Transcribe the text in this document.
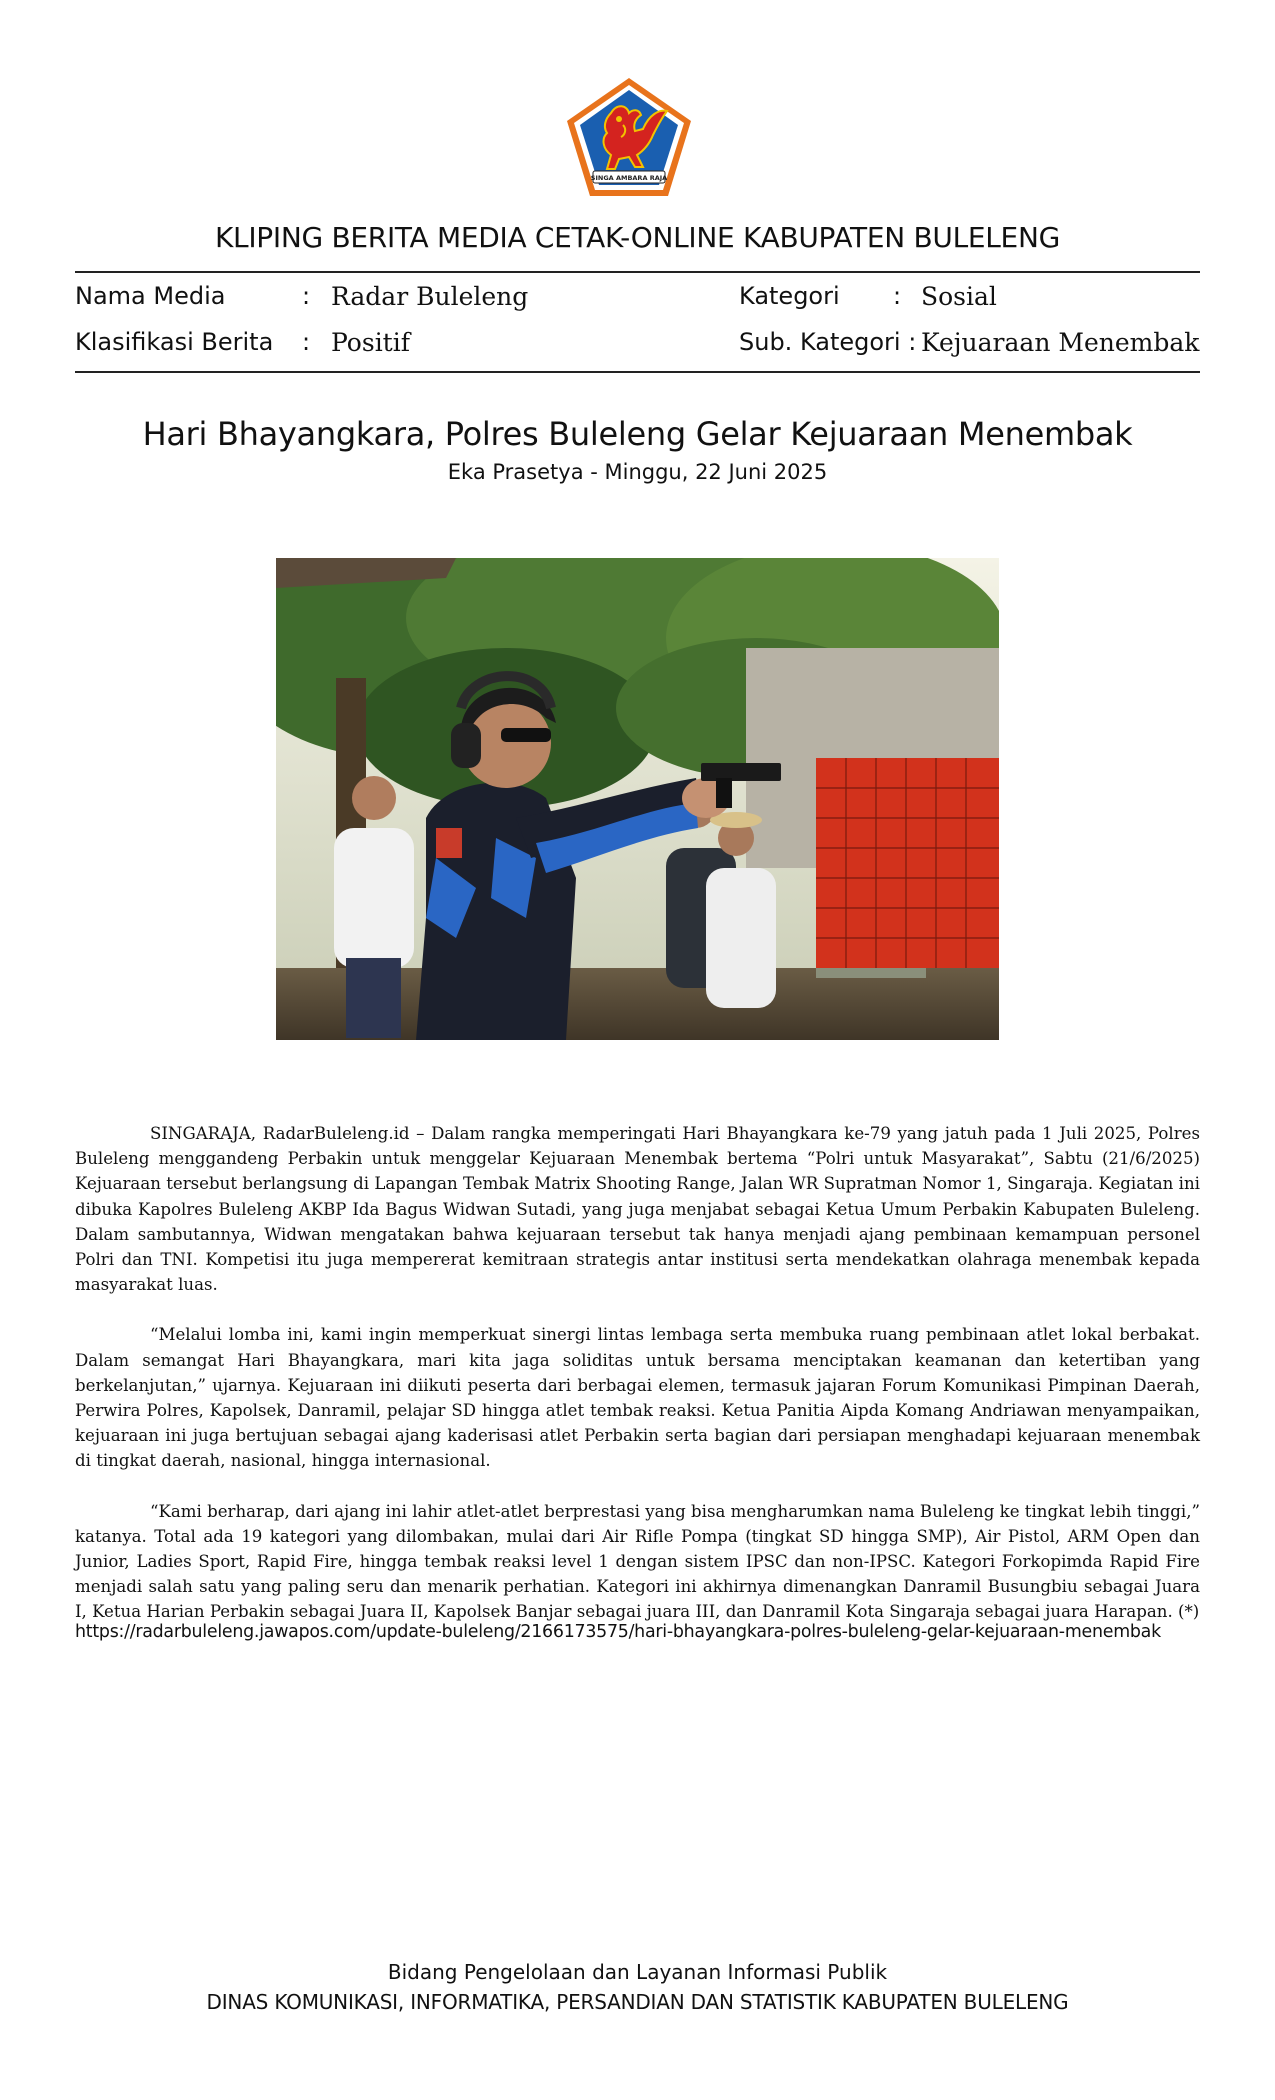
SINGA AMBARA RAJA
KLIPING BERITA MEDIA CETAK-ONLINE KABUPATEN BULELENG
Nama Media	: Radar Buleleng
Klasifikasi Berita : Positif
Kategori : Sosial
Sub. Kategori : Kejuaraan Menembak
Hari Bhayangkara, Polres Buleleng Gelar Kejuaraan Menembak
Eka Prasetya - Minggu, 22 Juni 2025

SINGARAJA, RadarBuleleng.id – Dalam rangka memperingati Hari Bhayangkara ke-79 yang jatuh pada 1 Juli 2025, Polres Buleleng menggandeng Perbakin untuk menggelar Kejuaraan Menembak bertema “Polri untuk Masyarakat”, Sabtu (21/6/2025) Kejuaraan tersebut berlangsung di Lapangan Tembak Matrix Shooting Range, Jalan WR Supratman Nomor 1, Singaraja. Kegiatan ini dibuka Kapolres Buleleng AKBP Ida Bagus Widwan Sutadi, yang juga menjabat sebagai Ketua Umum Perbakin Kabupaten Buleleng. Dalam sambutannya, Widwan mengatakan bahwa kejuaraan tersebut tak hanya menjadi ajang pembinaan kemampuan personel Polri dan TNI. Kompetisi itu juga mempererat kemitraan strategis antar institusi serta mendekatkan olahraga menembak kepada masyarakat luas.

“Melalui lomba ini, kami ingin memperkuat sinergi lintas lembaga serta membuka ruang pembinaan atlet lokal berbakat. Dalam semangat Hari Bhayangkara, mari kita jaga soliditas untuk bersama menciptakan keamanan dan ketertiban yang berkelanjutan,” ujarnya. Kejuaraan ini diikuti peserta dari berbagai elemen, termasuk jajaran Forum Komunikasi Pimpinan Daerah, Perwira Polres, Kapolsek, Danramil, pelajar SD hingga atlet tembak reaksi. Ketua Panitia Aipda Komang Andriawan menyampaikan, kejuaraan ini juga bertujuan sebagai ajang kaderisasi atlet Perbakin serta bagian dari persiapan menghadapi kejuaraan menembak di tingkat daerah, nasional, hingga internasional.

“Kami berharap, dari ajang ini lahir atlet-atlet berprestasi yang bisa mengharumkan nama Buleleng ke tingkat lebih tinggi,” katanya. Total ada 19 kategori yang dilombakan, mulai dari Air Rifle Pompa (tingkat SD hingga SMP), Air Pistol, ARM Open dan Junior, Ladies Sport, Rapid Fire, hingga tembak reaksi level 1 dengan sistem IPSC dan non-IPSC. Kategori Forkopimda Rapid Fire menjadi salah satu yang paling seru dan menarik perhatian. Kategori ini akhirnya dimenangkan Danramil Busungbiu sebagai Juara I, Ketua Harian Perbakin sebagai Juara II, Kapolsek Banjar sebagai juara III, dan Danramil Kota Singaraja sebagai juara Harapan. (*)

https://radarbuleleng.jawapos.com/update-buleleng/2166173575/hari-bhayangkara-polres-buleleng-gelar-kejuaraan-menembak
Bidang Pengelolaan dan Layanan Informasi Publik
DINAS KOMUNIKASI, INFORMATIKA, PERSANDIAN DAN STATISTIK KABUPATEN BULELENG
